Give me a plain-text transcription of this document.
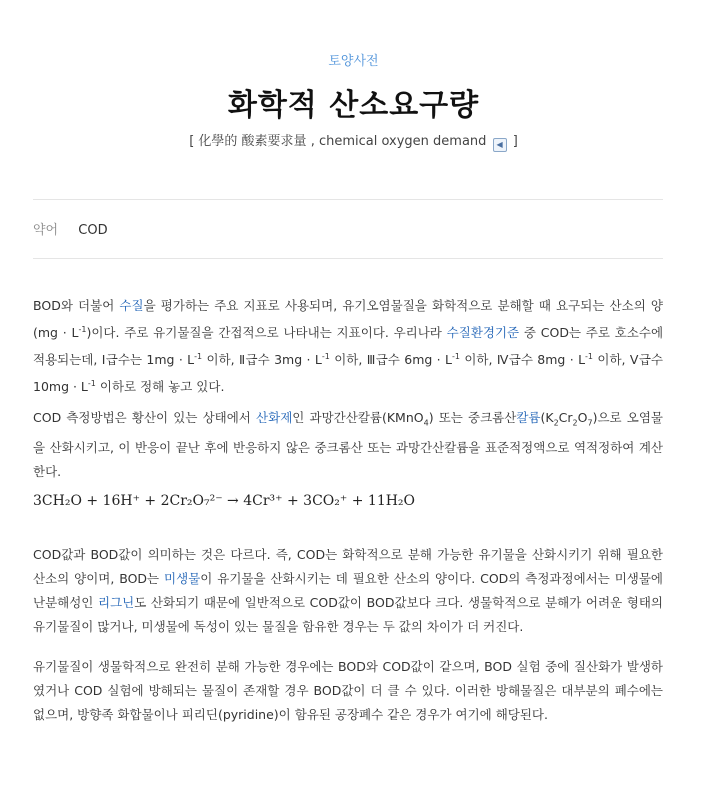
토양사전
화학적 산소요구량
[ 化學的 酸素要求量 , chemical oxygen demand ◀ ]
약어 COD
BOD와 더불어 수질을 평가하는 주요 지표로 사용되며, 유기오염물질을 화학적으로 분해할 때 요구되는 산소의 양$(mg \cdot L^{-1})$이다. 주로 유기물질을 간접적으로 나타내는 지표이다. 우리나라 수질환경기준 중 COD는 주로 호소수에 적용되는데, Ⅰ급수는 $1mg \cdot L^{-1}$ 이하, Ⅱ급수 $3mg \cdot L^{-1}$ 이하, Ⅲ급수 $6mg \cdot L^{-1}$ 이하, Ⅳ급수 $8mg \cdot L^{-1}$ 이하, Ⅴ급수 $10mg \cdot L^{-1}$ 이하로 정해 놓고 있다.
COD 측정방법은 황산이 있는 상태에서 산화제인 과망간산칼륨(KMnO$_4$) 또는 중크롬산칼륨$(K_2Cr_2O_7)$으로 오염물을 산화시키고, 이 반응이 끝난 후에 반응하지 않은 중크롬산 또는 과망간산칼륨을 표준적정액으로 역적정하여 계산한다.
3CH₂O + 16H⁺ + 2Cr₂O₇²⁻ → 4Cr³⁺ + 3CO₂⁺ + 11H₂O
COD값과 BOD값이 의미하는 것은 다르다. 즉, COD는 화학적으로 분해 가능한 유기물을 산화시키기 위해 필요한 산소의 양이며, BOD는 미생물이 유기물을 산화시키는 데 필요한 산소의 양이다. COD의 측정과정에서는 미생물에 난분해성인 리그닌도 산화되기 때문에 일반적으로 COD값이 BOD값보다 크다. 생물학적으로 분해가 어려운 형태의 유기물질이 많거나, 미생물에 독성이 있는 물질을 함유한 경우는 두 값의 차이가 더 커진다.
유기물질이 생물학적으로 완전히 분해 가능한 경우에는 BOD와 COD값이 같으며, BOD 실험 중에 질산화가 발생하였거나 COD 실험에 방해되는 물질이 존재할 경우 BOD값이 더 클 수 있다. 이러한 방해물질은 대부분의 폐수에는 없으며, 방향족 화합물이나 피리딘(pyridine)이 함유된 공장폐수 같은 경우가 여기에 해당된다.
